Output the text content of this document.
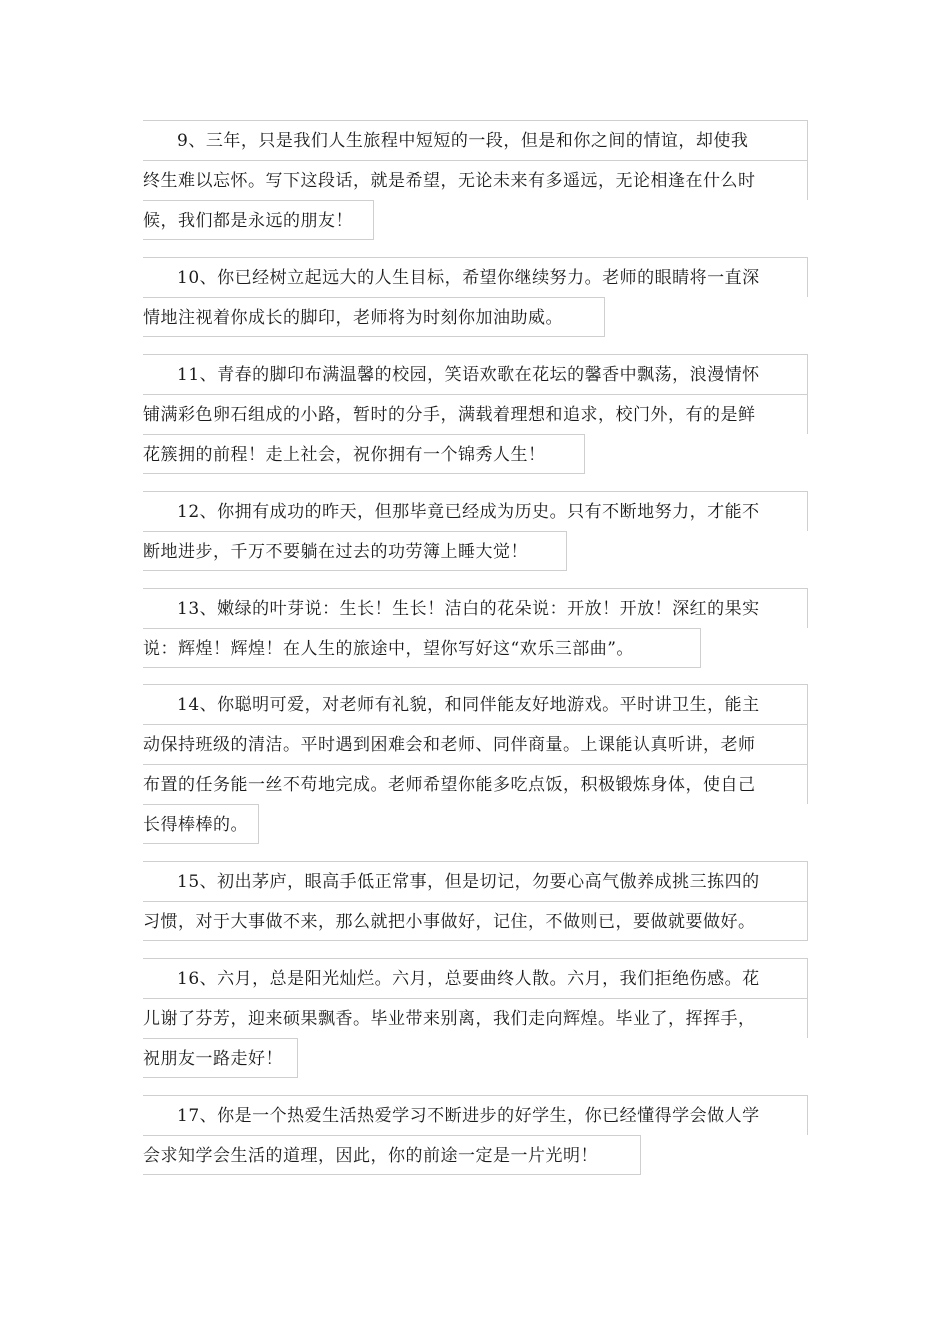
9、三年，只是我们人生旅程中短短的一段，但是和你之间的情谊，却使我
终生难以忘怀。写下这段话，就是希望，无论未来有多遥远，无论相逢在什么时
候，我们都是永远的朋友！
10、你已经树立起远大的人生目标，希望你继续努力。老师的眼睛将一直深
情地注视着你成长的脚印，老师将为时刻你加油助威。
11、青春的脚印布满温馨的校园，笑语欢歌在花坛的馨香中飘荡，浪漫情怀
铺满彩色卵石组成的小路，暂时的分手，满载着理想和追求，校门外，有的是鲜
花簇拥的前程！走上社会，祝你拥有一个锦秀人生！
12、你拥有成功的昨天，但那毕竟已经成为历史。只有不断地努力，才能不
断地进步，千万不要躺在过去的功劳簿上睡大觉！
13、嫩绿的叶芽说：生长！生长！洁白的花朵说：开放！开放！深红的果实
说：辉煌！辉煌！在人生的旅途中，望你写好这“欢乐三部曲”。
14、你聪明可爱，对老师有礼貌，和同伴能友好地游戏。平时讲卫生，能主
动保持班级的清洁。平时遇到困难会和老师、同伴商量。上课能认真听讲，老师
布置的任务能一丝不苟地完成。老师希望你能多吃点饭，积极锻炼身体，使自己
长得棒棒的。
15、初出茅庐，眼高手低正常事，但是切记，勿要心高气傲养成挑三拣四的
习惯，对于大事做不来，那么就把小事做好，记住，不做则已，要做就要做好。
16、六月，总是阳光灿烂。六月，总要曲终人散。六月，我们拒绝伤感。花
儿谢了芬芳，迎来硕果飘香。毕业带来别离，我们走向辉煌。毕业了，挥挥手，
祝朋友一路走好！
17、你是一个热爱生活热爱学习不断进步的好学生，你已经懂得学会做人学
会求知学会生活的道理，因此，你的前途一定是一片光明！
